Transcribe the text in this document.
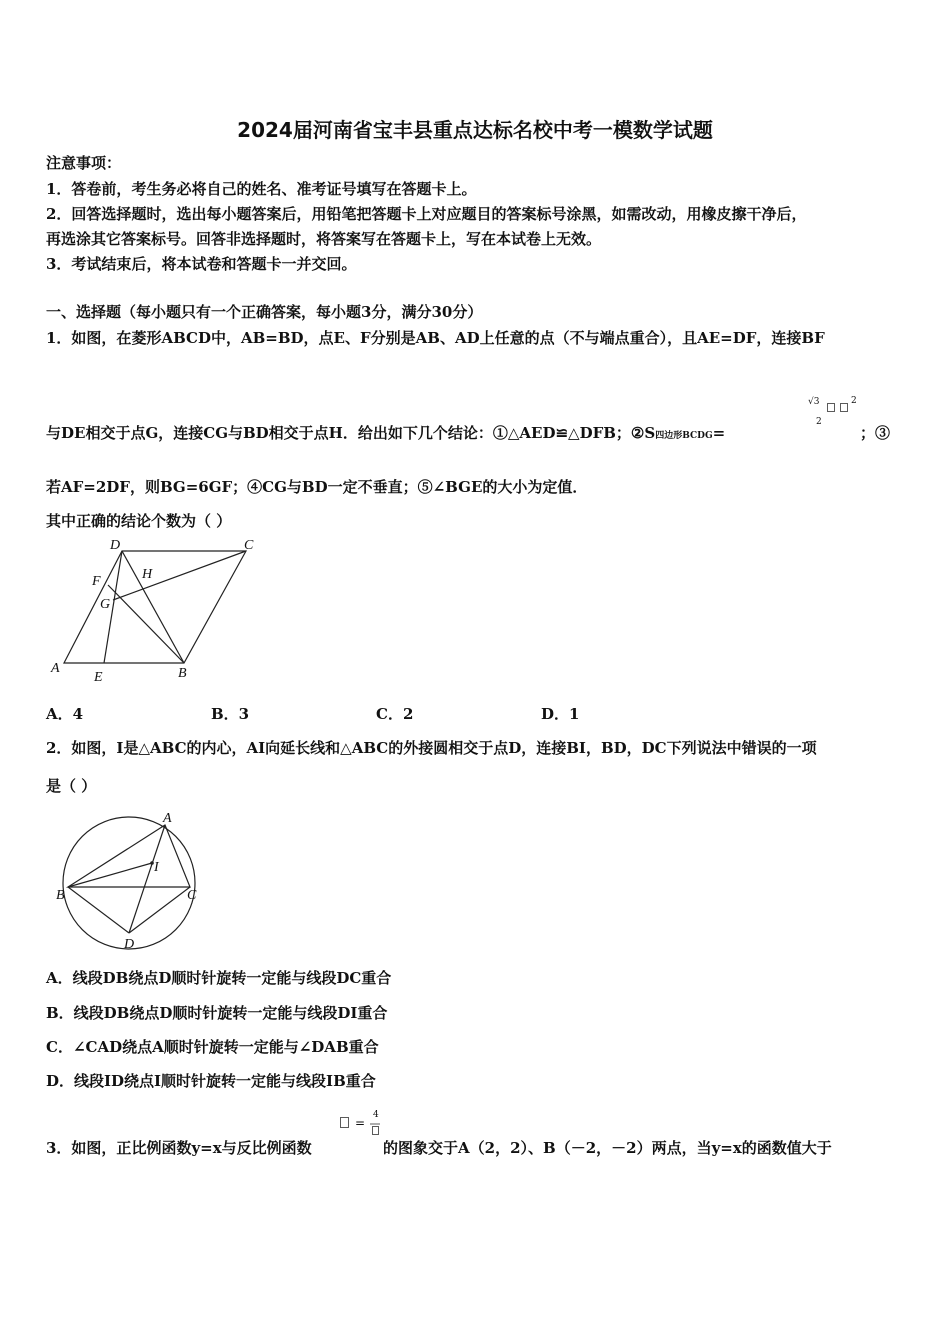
2024届河南省宝丰县重点达标名校中考一模数学试题
注意事项：
1．答卷前，考生务必将自己的姓名、准考证号填写在答题卡上。
2．回答选择题时，选出每小题答案后，用铅笔把答题卡上对应题目的答案标号涂黑，如需改动，用橡皮擦干净后，
再选涂其它答案标号。回答非选择题时，将答案写在答题卡上，写在本试卷上无效。
3．考试结束后，将本试卷和答题卡一并交回。
一、选择题（每小题只有一个正确答案，每小题3分，满分30分）
1．如图，在菱形ABCD中，AB=BD，点E、F分别是AB、AD上任意的点（不与端点重合），且AE=DF，连接BF
与DE相交于点G，连接CG与BD相交于点H．给出如下几个结论：①△AED≌△DFB；②S四边形BCDG=
√3
2
2
；③
若AF=2DF，则BG=6GF；④CG与BD一定不垂直；⑤∠BGE的大小为定值．
其中正确的结论个数为（ ）
D	C
F	H
G
A
E	B
A．4	B．3	C．2	D．1
2．如图，I是△ABC的内心，AI向延长线和△ABC的外接圆相交于点D，连接BI，BD，DC下列说法中错误的一项
是（ ）
A
I
B	C
D
A．线段DB绕点D顺时针旋转一定能与线段DC重合
B．线段DB绕点D顺时针旋转一定能与线段DI重合
C．∠CAD绕点A顺时针旋转一定能与∠DAB重合
D．线段ID绕点I顺时针旋转一定能与线段IB重合
3．如图，正比例函数y=x与反比例函数
=
4
的图象交于A（2，2）、B（－2，－2）两点，当y=x的函数值大于
